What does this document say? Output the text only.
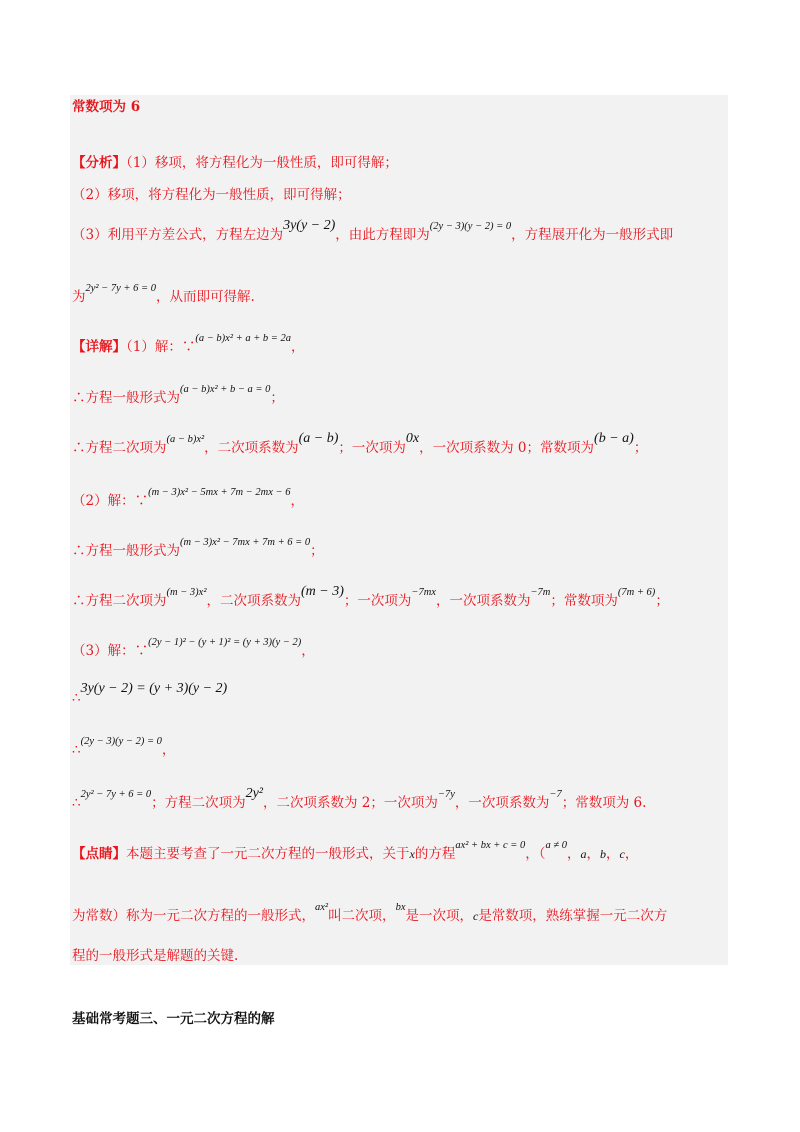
常数项为 6
【分析】（1）移项，将方程化为一般性质，即可得解；
（2）移项，将方程化为一般性质，即可得解；
（3）利用平方差公式，方程左边为3y(y − 2)，由此方程即为(2y − 3)(y − 2) = 0，方程展开化为一般形式即
为2y² − 7y + 6 = 0，从而即可得解.
【详解】（1）解：∵(a − b)x² + a + b = 2a，
∴方程一般形式为(a − b)x² + b − a = 0；
∴方程二次项为(a − b)x²，二次项系数为(a − b)；一次项为0x，一次项系数为 0；常数项为(b − a)；
（2）解：∵(m − 3)x² − 5mx + 7m − 2mx − 6，
∴方程一般形式为(m − 3)x² − 7mx + 7m + 6 = 0；
∴方程二次项为(m − 3)x²，二次项系数为(m − 3)；一次项为−7mx，一次项系数为−7m；常数项为(7m + 6)；
（3）解：∵(2y − 1)² − (y + 1)² = (y + 3)(y − 2)，
∴3y(y − 2) = (y + 3)(y − 2)
∴(2y − 3)(y − 2) = 0，
∴2y² − 7y + 6 = 0；方程二次项为2y²，二次项系数为 2；一次项为−7y，一次项系数为−7；常数项为 6.
【点睛】本题主要考查了一元二次方程的一般形式，关于x的方程ax² + bx + c = 0，（a ≠ 0，a，b，c，
为常数）称为一元二次方程的一般形式，ax²叫二次项，bx是一次项，c是常数项，熟练掌握一元二次方
程的一般形式是解题的关键.
基础常考题三、一元二次方程的解
